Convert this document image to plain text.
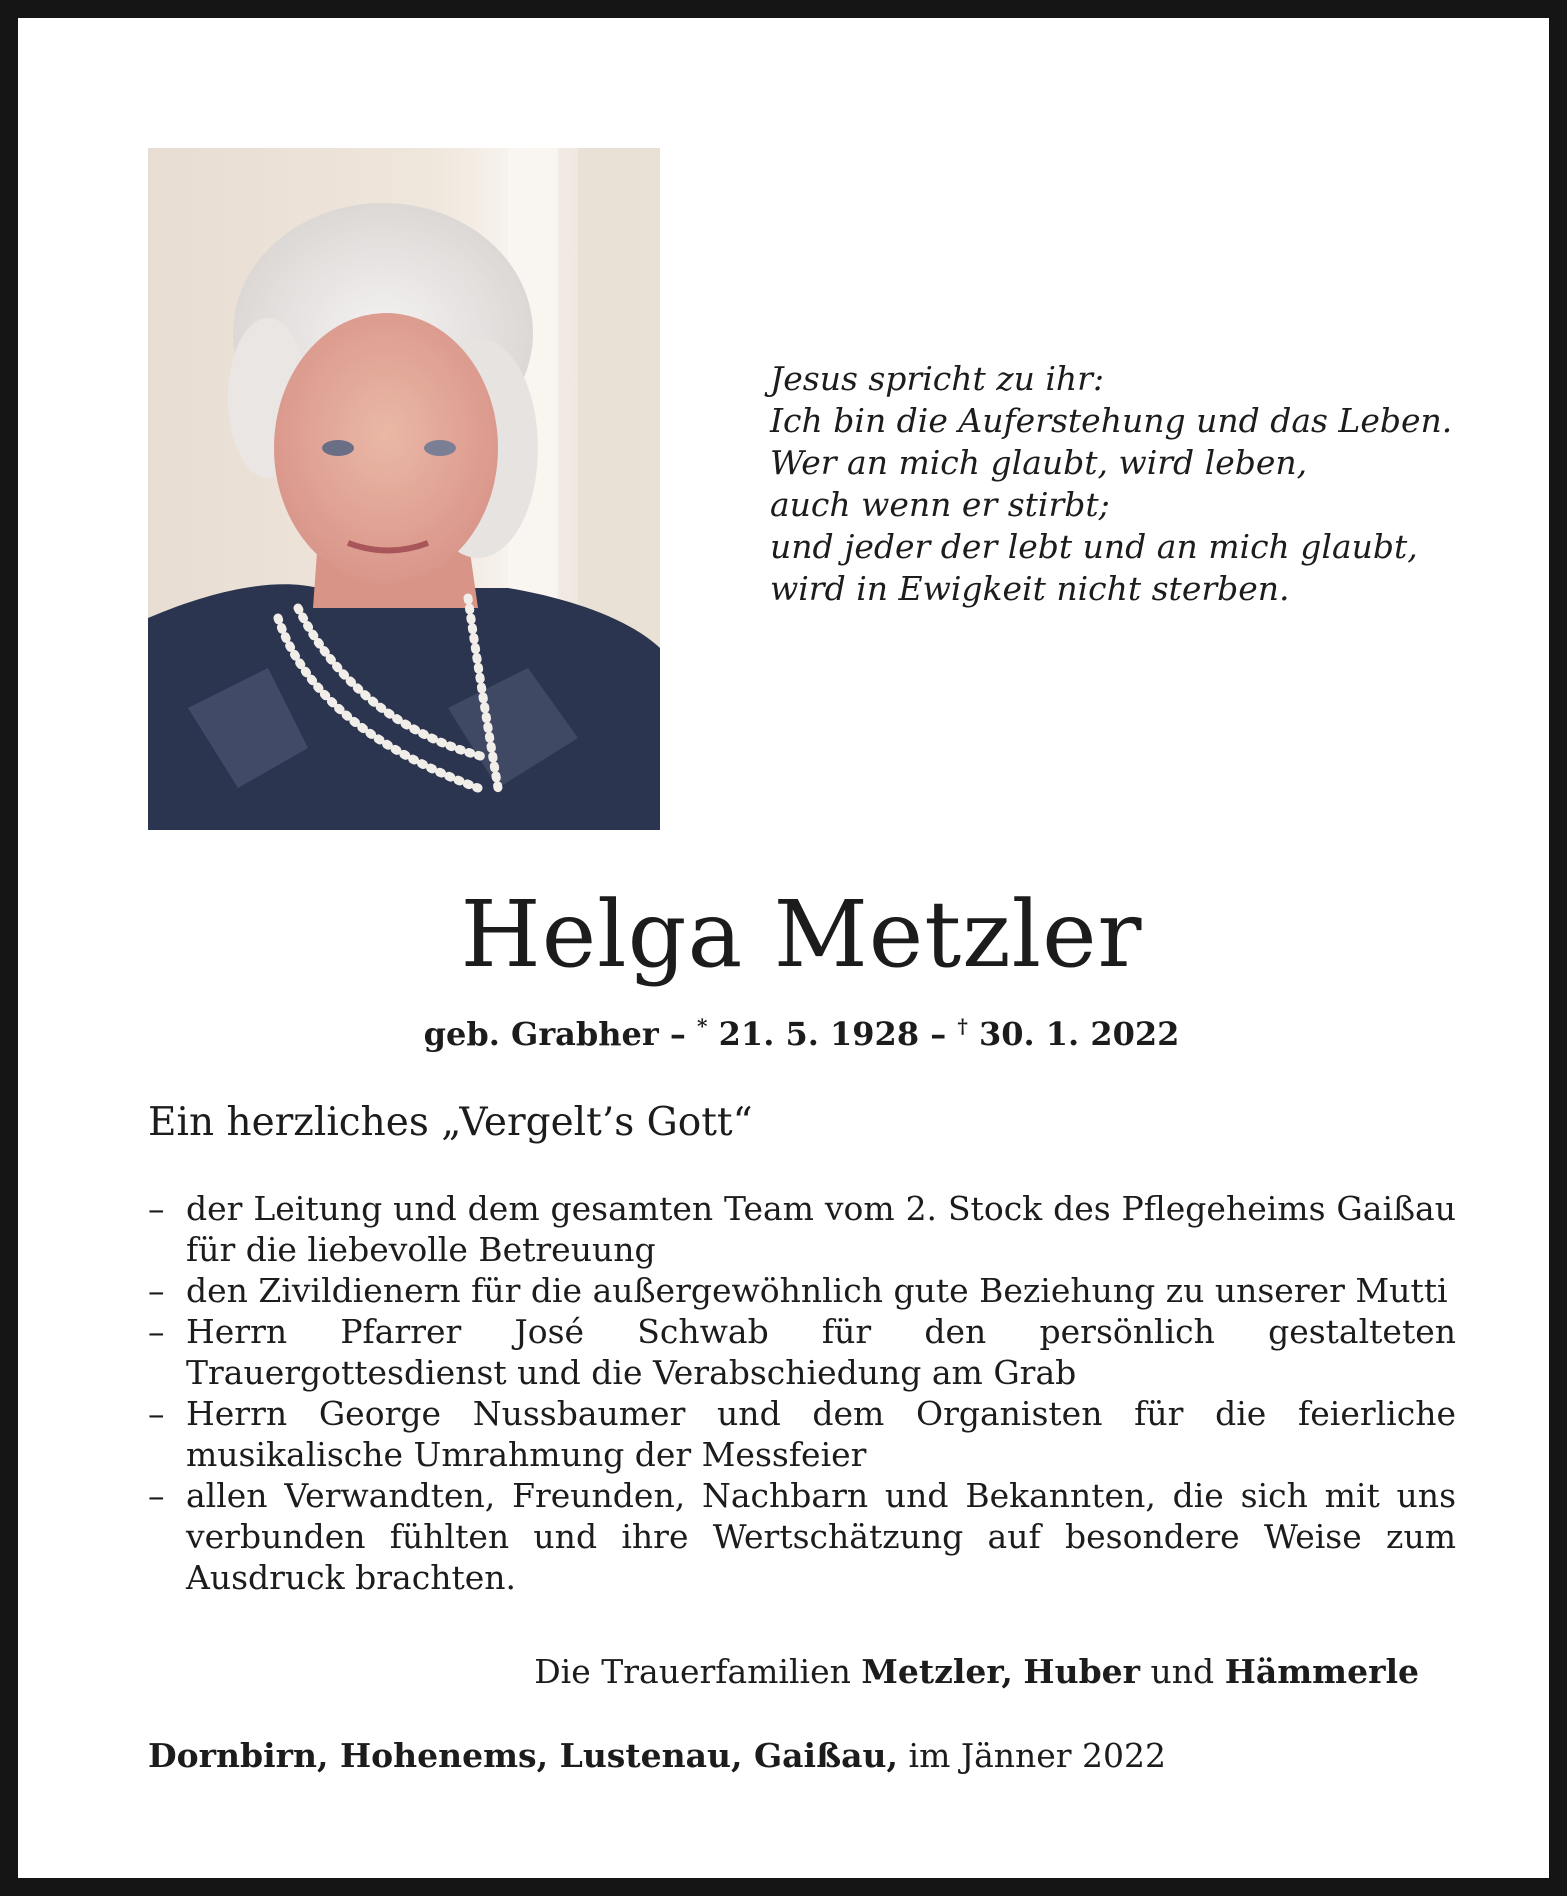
Jesus spricht zu ihr:
Ich bin die Auferstehung und das Leben.
Wer an mich glaubt, wird leben,
auch wenn er stirbt;
und jeder der lebt und an mich glaubt,
wird in Ewigkeit nicht sterben.
Helga Metzler
geb. Grabher – * 21. 5. 1928 – † 30. 1. 2022
Ein herzliches „Vergelt’s Gott“
– der Leitung und dem gesamten Team vom 2. Stock des Pflegeheims Gaißau für die liebevolle Betreuung
– den Zivildienern für die außergewöhnlich gute Beziehung zu unserer Mutti
– Herrn Pfarrer José Schwab für den persönlich gestalteten Trauergottesdienst und die Verabschiedung am Grab
– Herrn George Nussbaumer und dem Organisten für die feierliche musikalische Umrahmung der Messfeier
– allen Verwandten, Freunden, Nachbarn und Bekannten, die sich mit uns verbunden fühlten und ihre Wertschätzung auf besondere Weise zum Ausdruck brachten.
Die Trauerfamilien Metzler, Huber und Hämmerle
Dornbirn, Hohenems, Lustenau, Gaißau, im Jänner 2022
